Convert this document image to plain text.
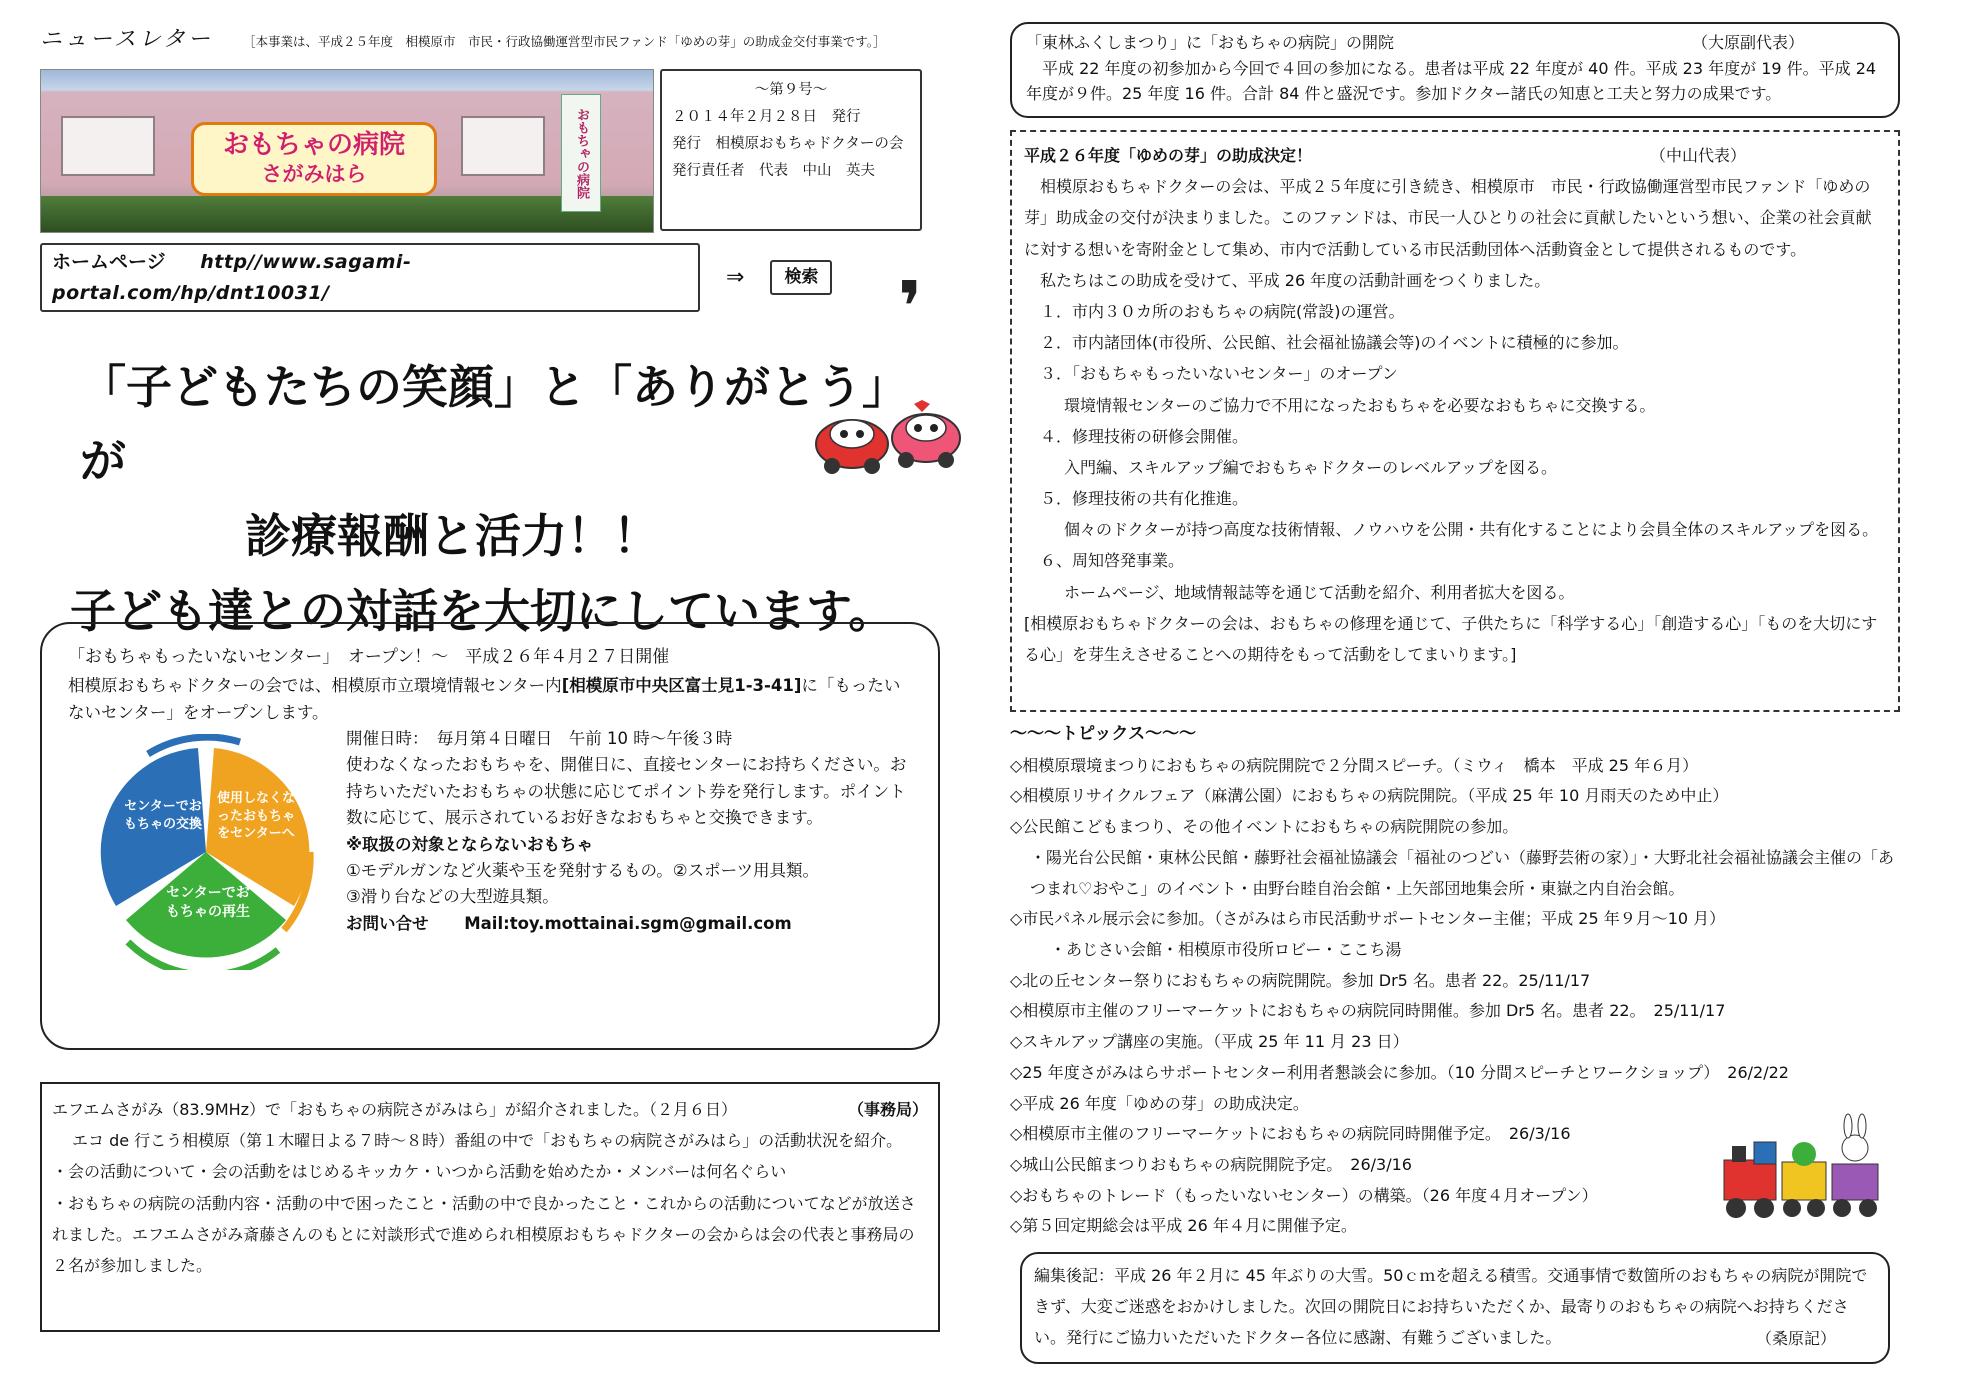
ニュースレター ［本事業は、平成２５年度　相模原市　市民・行政協働運営型市民ファンド「ゆめの芽」の助成金交付事業です。］
おもちゃの病院
さがみはら	おもちゃの病院
～第９号～
２０１４年２月２８日　発行
発行　相模原おもちゃドクターの会
発行責任者　代表　中山　英夫
ホームページ http//www.sagami-portal.com/hp/dnt10031/
⇒	検索 ❜
「子どもたちの笑顔」と「ありがとう」が
診療報酬と活力！！
子ども達との対話を大切にしています。
「おもちゃもったいないセンター」　オープン！～　平成２６年４月２７日開催
相模原おもちゃドクターの会では、相模原市立環境情報センター内[相模原市中央区富士見1-3-41]に「もったいないセンター」をオープンします。
センターでおもちゃの交換
使用しなくなったおもちゃをセンターへ
センターでおもちゃの再生
開催日時：　毎月第４日曜日　午前 10 時～午後３時
使わなくなったおもちゃを、開催日に、直接センターにお持ちください。お持ちいただいたおもちゃの状態に応じてポイント券を発行します。ポイント数に応じて、展示されているお好きなおもちゃと交換できます。
※取扱の対象とならないおもちゃ
①モデルガンなど火薬や玉を発射するもの。②スポーツ用具類。
③滑り台などの大型遊具類。
お問い合せ Mail:toy.mottainai.sgm@gmail.com
エフエムさがみ（83.9MHz）で「おもちゃの病院さがみはら」が紹介されました。（２月６日）	（事務局）
エコ de 行こう相模原（第１木曜日よる７時～８時）番組の中で「おもちゃの病院さがみはら」の活動状況を紹介。
・会の活動について・会の活動をはじめるキッカケ・いつから活動を始めたか・メンバーは何名ぐらい
・おもちゃの病院の活動内容・活動の中で困ったこと・活動の中で良かったこと・これからの活動についてなどが放送されました。エフエムさがみ斎藤さんのもとに対談形式で進められ相模原おもちゃドクターの会からは会の代表と事務局の２名が参加しました。
「東林ふくしまつり」に「おもちゃの病院」の開院	（大原副代表）
平成 22 年度の初参加から今回で４回の参加になる。患者は平成 22 年度が 40 件。平成 23 年度が 19 件。平成 24 年度が９件。25 年度 16 件。合計 84 件と盛況です。参加ドクター諸氏の知恵と工夫と努力の成果です。
平成２６年度「ゆめの芽」の助成決定！	（中山代表）
相模原おもちゃドクターの会は、平成２５年度に引き続き、相模原市　市民・行政協働運営型市民ファンド「ゆめの芽」助成金の交付が決まりました。このファンドは、市民一人ひとりの社会に貢献したいという想い、企業の社会貢献に対する想いを寄附金として集め、市内で活動している市民活動団体へ活動資金として提供されるものです。
私たちはこの助成を受けて、平成 26 年度の活動計画をつくりました。
１．市内３０カ所のおもちゃの病院(常設)の運営。
２．市内諸団体(市役所、公民館、社会福祉協議会等)のイベントに積極的に参加。
３．「おもちゃもったいないセンター」のオープン
環境情報センターのご協力で不用になったおもちゃを必要なおもちゃに交換する。
４．修理技術の研修会開催。
入門編、スキルアップ編でおもちゃドクターのレベルアップを図る。
５．修理技術の共有化推進。
個々のドクターが持つ高度な技術情報、ノウハウを公開・共有化することにより会員全体のスキルアップを図る。
６、周知啓発事業。
ホームページ、地域情報誌等を通じて活動を紹介、利用者拡大を図る。
[相模原おもちゃドクターの会は、おもちゃの修理を通じて、子供たちに「科学する心」「創造する心」「ものを大切にする心」を芽生えさせることへの期待をもって活動をしてまいります。]
～～～トピックス～～～
◇相模原環境まつりにおもちゃの病院開院で２分間スピーチ。（ミウィ　橋本　平成 25 年６月）
◇相模原リサイクルフェア（麻溝公園）におもちゃの病院開院。（平成 25 年 10 月雨天のため中止）
◇公民館こどもまつり、その他イベントにおもちゃの病院開院の参加。
・陽光台公民館・東林公民館・藤野社会福祉協議会「福祉のつどい（藤野芸術の家）」・大野北社会福祉協議会主催の「あつまれ♡おやこ」のイベント・由野台睦自治会館・上矢部団地集会所・東嶽之内自治会館。
◇市民パネル展示会に参加。（さがみはら市民活動サポートセンター主催；平成 25 年９月～10 月）
・あじさい会館・相模原市役所ロビー・ここち湯
◇北の丘センター祭りにおもちゃの病院開院。参加 Dr5 名。患者 22。25/11/17
◇相模原市主催のフリーマーケットにおもちゃの病院同時開催。参加 Dr5 名。患者 22。　25/11/17
◇スキルアップ講座の実施。（平成 25 年 11 月 23 日）
◇25 年度さがみはらサポートセンター利用者懇談会に参加。（10 分間スピーチとワークショップ）　26/2/22
◇平成 26 年度「ゆめの芽」の助成決定。
◇相模原市主催のフリーマーケットにおもちゃの病院同時開催予定。　26/3/16
◇城山公民館まつりおもちゃの病院開院予定。　26/3/16
◇おもちゃのトレード（もったいないセンター）の構築。（26 年度４月オープン）
◇第５回定期総会は平成 26 年４月に開催予定。
編集後記：平成 26 年２月に 45 年ぶりの大雪。50ｃｍを超える積雪。交通事情で数箇所のおもちゃの病院が開院できず、大変ご迷惑をおかけしました。次回の開院日にお持ちいただくか、最寄りのおもちゃの病院へお持ちください。発行にご協力いただいたドクター各位に感謝、有難うございました。	（桑原記）
